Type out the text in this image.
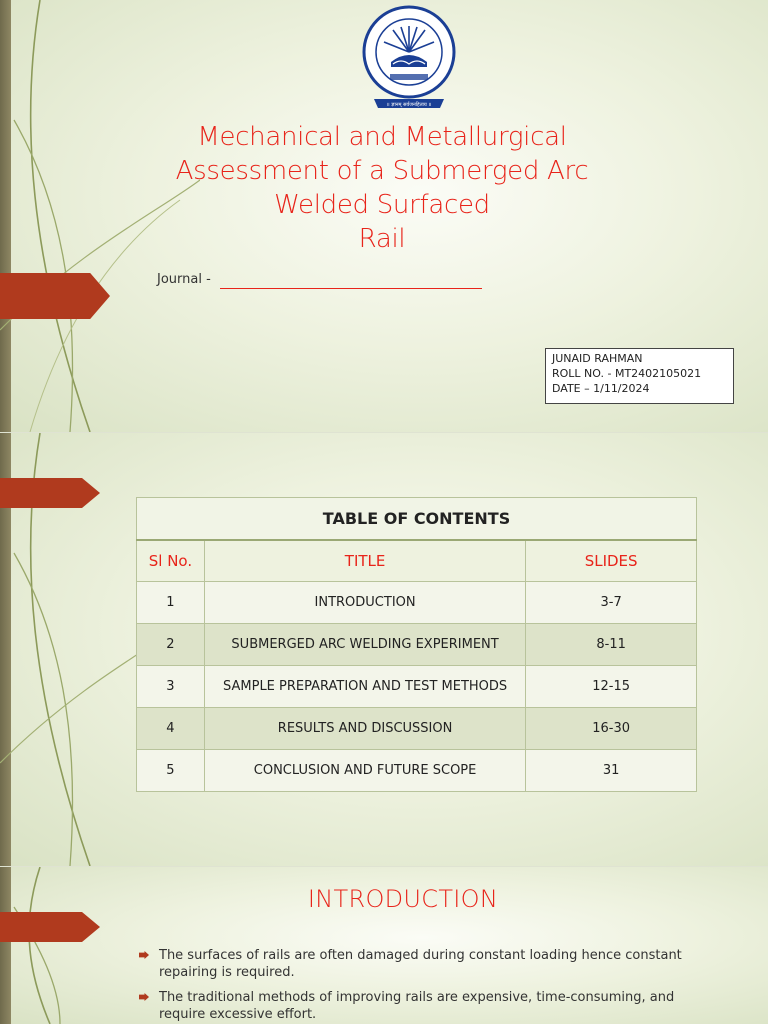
॥ ज्ञानम् सर्वजनहिताय ॥
Mechanical and Metallurgical
Assessment of a Submerged Arc
Welded Surfaced
Rail
Journal -
JUNAID RAHMAN
ROLL NO. - MT2402105021
DATE – 1/11/2024
TABLE OF CONTENTS		
Sl No.	TITLE	SLIDES
1	INTRODUCTION	3-7
2	SUBMERGED ARC WELDING EXPERIMENT	8-11
3	SAMPLE PREPARATION AND TEST METHODS	12-15
4	RESULTS AND DISCUSSION	16-30
5	CONCLUSION AND FUTURE SCOPE	31
INTRODUCTION
The surfaces of rails are often damaged during constant loading hence constant repairing is required.
The traditional methods of improving rails are expensive, time-consuming, and require excessive effort.
